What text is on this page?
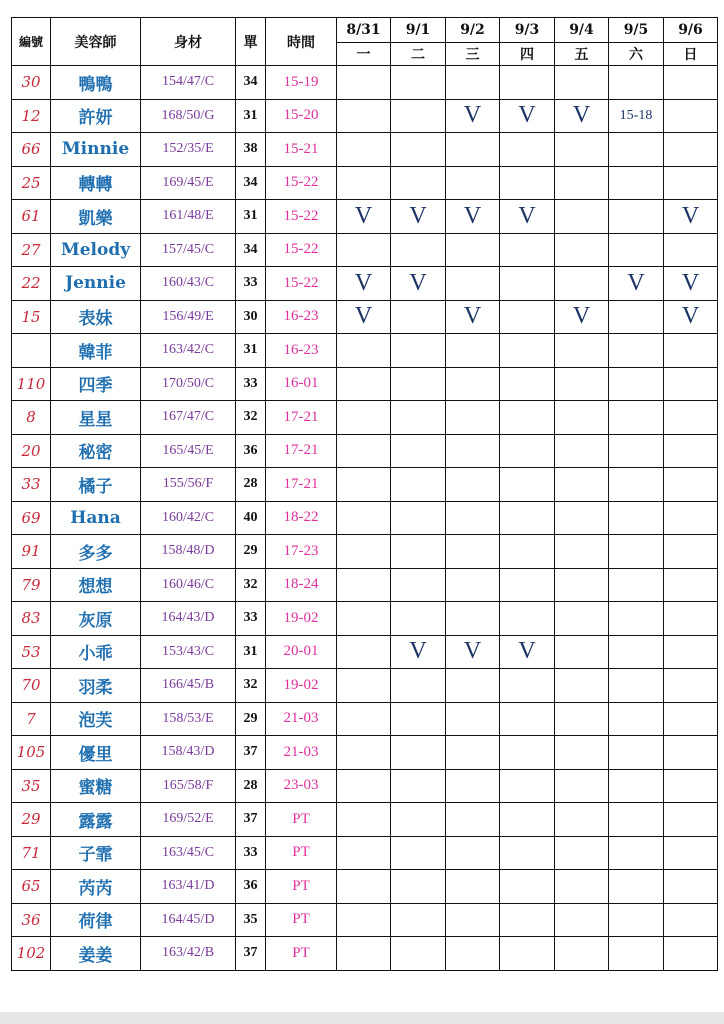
編號	美容師	身材	單	時間	8/31	9/1	9/2	9/3	9/4	9/5	9/6
					一	二	三	四	五	六	日
30	鴨鴨	154/47/C	34	15-19							
12	許妍	168/50/G	31	15-20			V	V	V	15-18	
66	Minnie	152/35/E	38	15-21							
25	轉轉	169/45/E	34	15-22							
61	凱樂	161/48/E	31	15-22	V	V	V	V			V
27	Melody	157/45/C	34	15-22							
22	Jennie	160/43/C	33	15-22	V	V				V	V
15	表妹	156/49/E	30	16-23	V		V		V		V
	韓菲	163/42/C	31	16-23							
110	四季	170/50/C	33	16-01							
8	星星	167/47/C	32	17-21							
20	秘密	165/45/E	36	17-21							
33	橘子	155/56/F	28	17-21							
69	Hana	160/42/C	40	18-22							
91	多多	158/48/D	29	17-23							
79	想想	160/46/C	32	18-24							
83	灰原	164/43/D	33	19-02							
53	小乖	153/43/C	31	20-01		V	V	V			
70	羽柔	166/45/B	32	19-02							
7	泡芙	158/53/E	29	21-03							
105	優里	158/43/D	37	21-03							
35	蜜糖	165/58/F	28	23-03							
29	露露	169/52/E	37	PT							
71	子霏	163/45/C	33	PT							
65	芮芮	163/41/D	36	PT							
36	荷律	164/45/D	35	PT							
102	姜姜	163/42/B	37	PT							
